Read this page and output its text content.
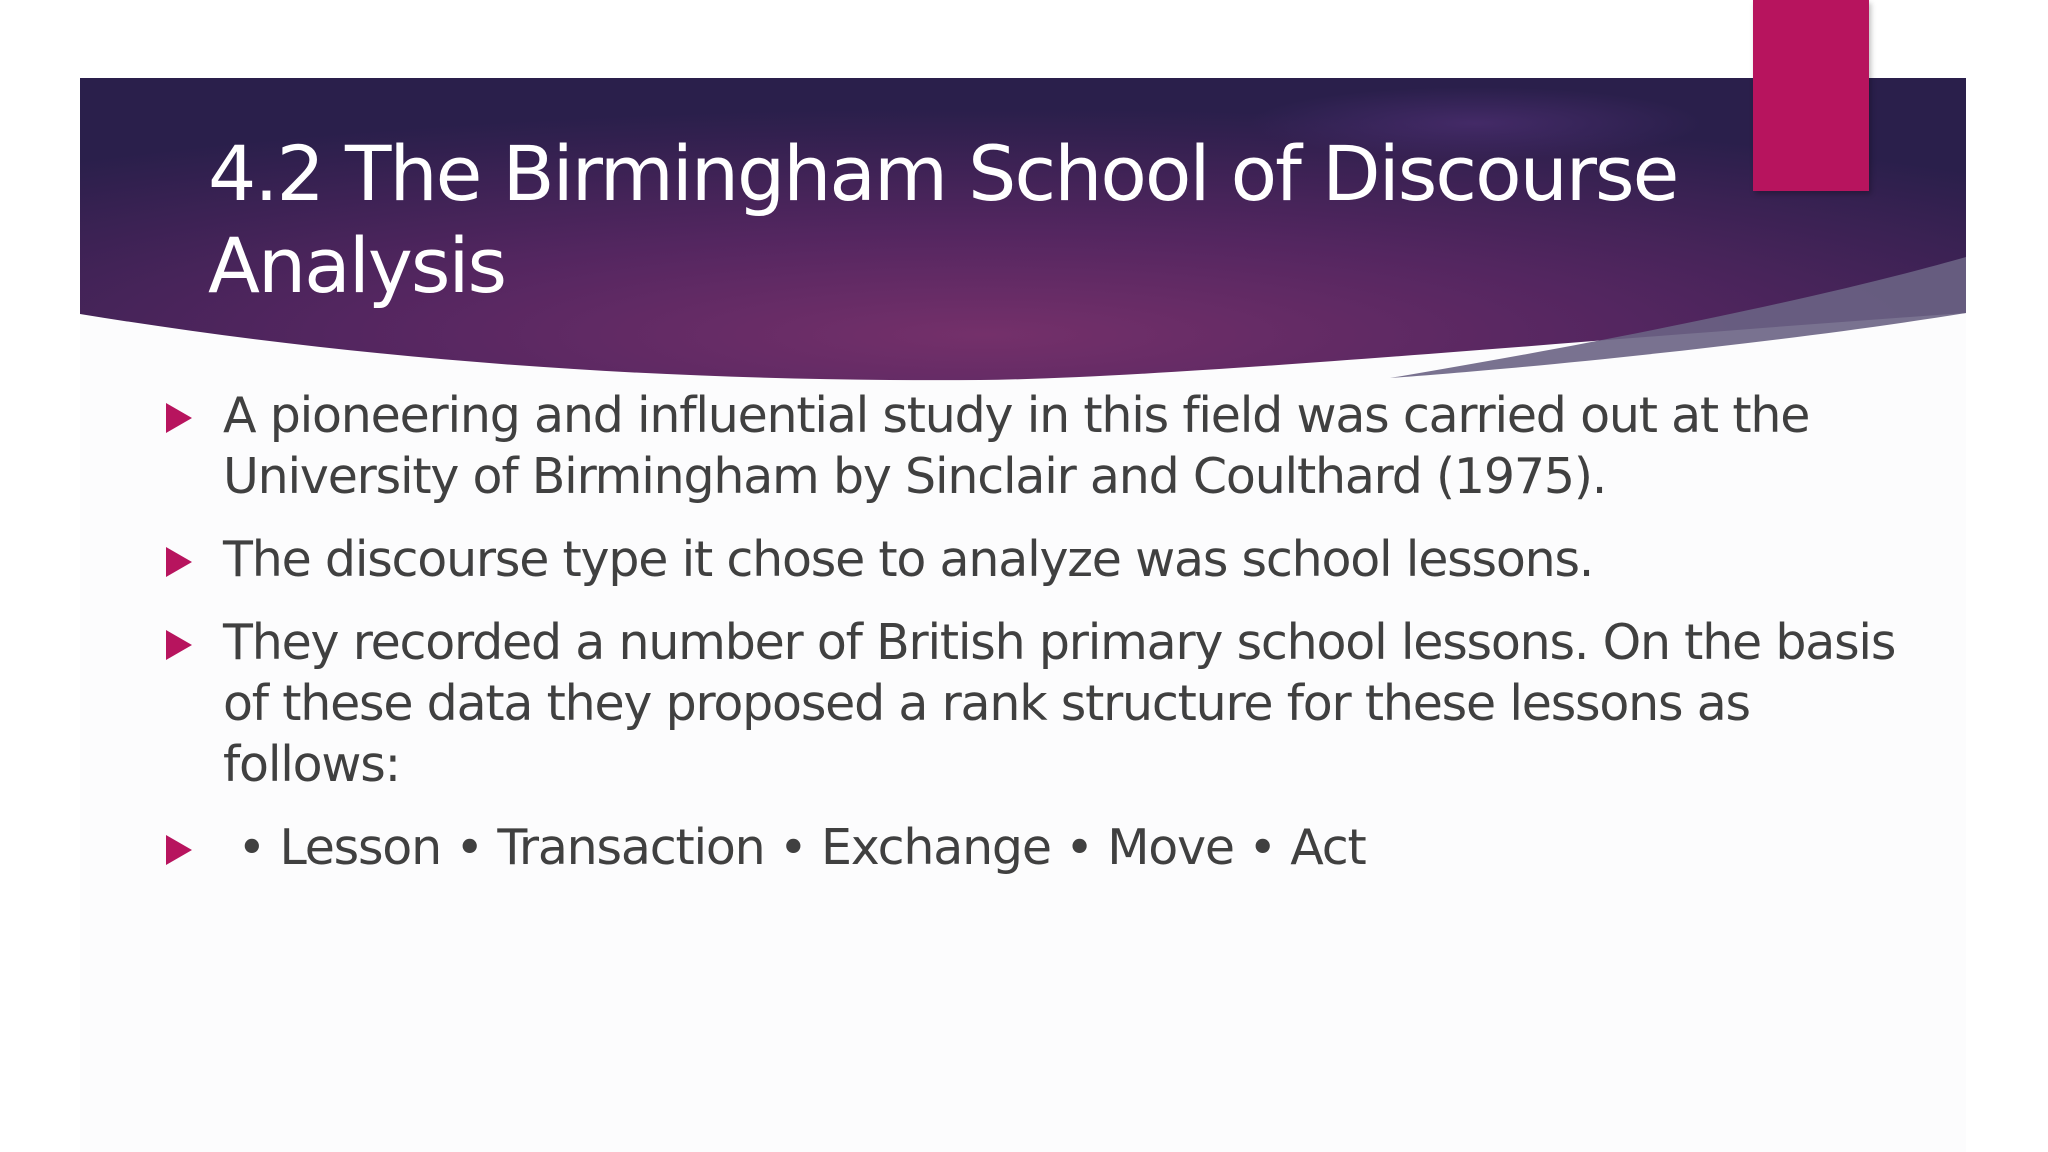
4.2 The Birmingham School of Discourse
Analysis
A pioneering and influential study in this field was carried out at the
University of Birmingham by Sinclair and Coulthard (1975).
The discourse type it chose to analyze was school lessons.
They recorded a number of British primary school lessons. On the basis
of these data they proposed a rank structure for these lessons as follows:
• Lesson • Transaction • Exchange • Move • Act
